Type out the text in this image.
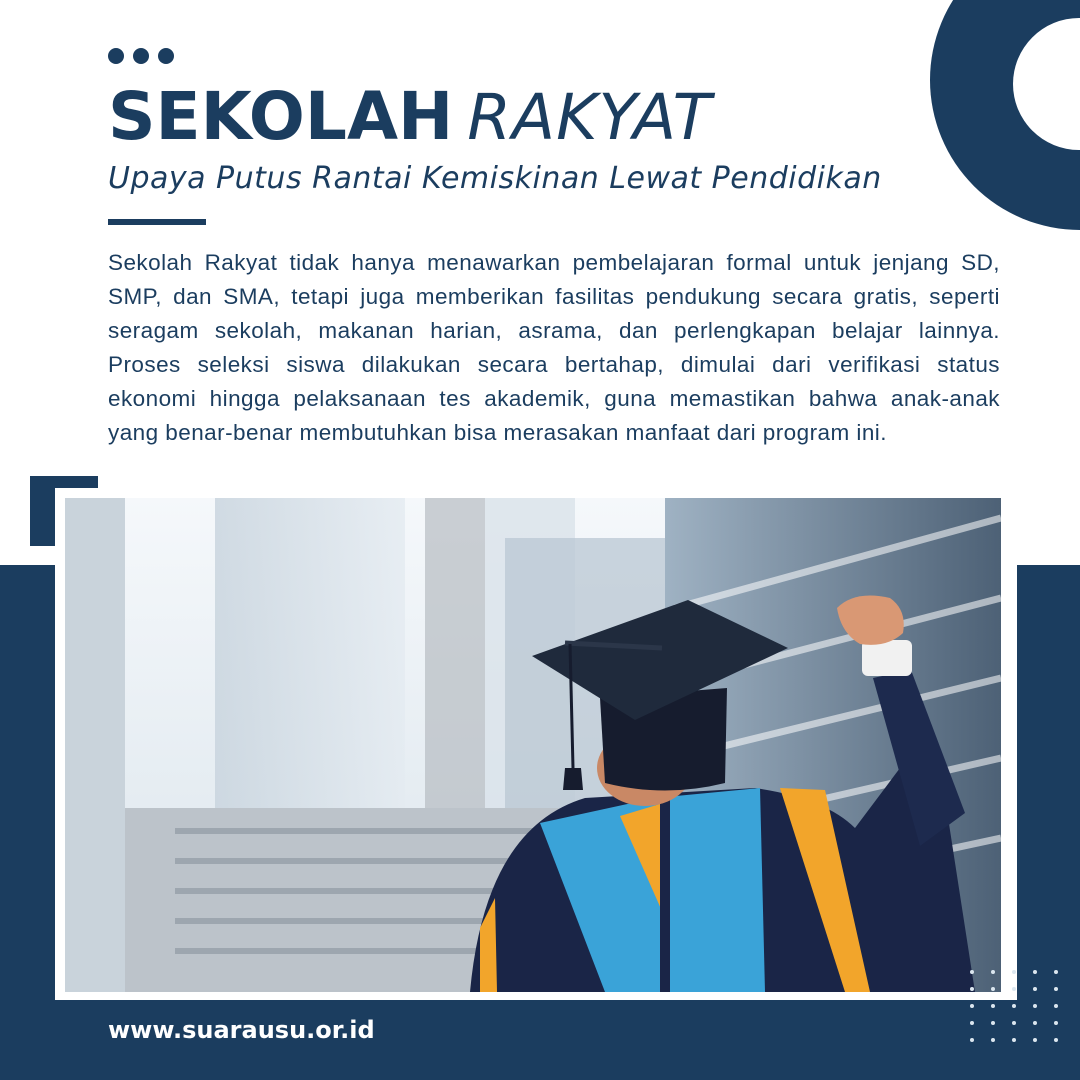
SEKOLAH RAKYAT
Upaya Putus Rantai Kemiskinan Lewat Pendidikan

Sekolah Rakyat tidak hanya menawarkan pembelajaran formal untuk jenjang SD, SMP, dan SMA, tetapi juga memberikan fasilitas pendukung secara gratis, seperti seragam sekolah, makanan harian, asrama, dan perlengkapan belajar lainnya. Proses seleksi siswa dilakukan secara bertahap, dimulai dari verifikasi status ekonomi hingga pelaksanaan tes akademik, guna memastikan bahwa anak-anak yang benar-benar membutuhkan bisa merasakan manfaat dari program ini.

www.suarausu.or.id
